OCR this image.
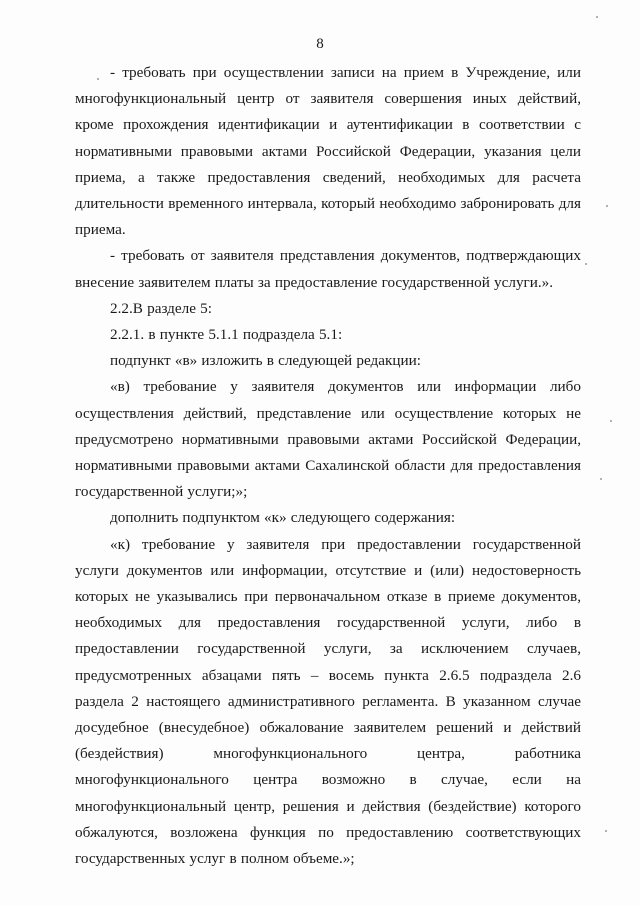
8

- требовать при осуществлении записи на прием в Учреждение, или многофункциональный центр от заявителя совершения иных действий, кроме прохождения идентификации и аутентификации в соответствии с нормативными правовыми актами Российской Федерации, указания цели приема, а также предоставления сведений, необходимых для расчета длительности временного интервала, который необходимо забронировать для приема.

- требовать от заявителя представления документов, подтверждающих внесение заявителем платы за предоставление государственной услуги.».

2.2.В разделе 5:

2.2.1. в пункте 5.1.1 подраздела 5.1:

подпункт «в» изложить в следующей редакции:

«в) требование у заявителя документов или информации либо осуществления действий, представление или осуществление которых не предусмотрено нормативными правовыми актами Российской Федерации, нормативными правовыми актами Сахалинской области для предоставления государственной услуги;»;

дополнить подпунктом «к» следующего содержания:

«к) требование у заявителя при предоставлении государственной услуги документов или информации, отсутствие и (или) недостоверность которых не указывались при первоначальном отказе в приеме документов, необходимых для предоставления государственной услуги, либо в предоставлении государственной услуги, за исключением случаев, предусмотренных абзацами пять – восемь пункта 2.6.5 подраздела 2.6 раздела 2 настоящего административного регламента. В указанном случае досудебное (внесудебное) обжалование заявителем решений и действий (бездействия) многофункционального центра, работника многофункционального центра возможно в случае, если на многофункциональный центр, решения и действия (бездействие) которого обжалуются, возложена функция по предоставлению соответствующих государственных услуг в полном объеме.»;
